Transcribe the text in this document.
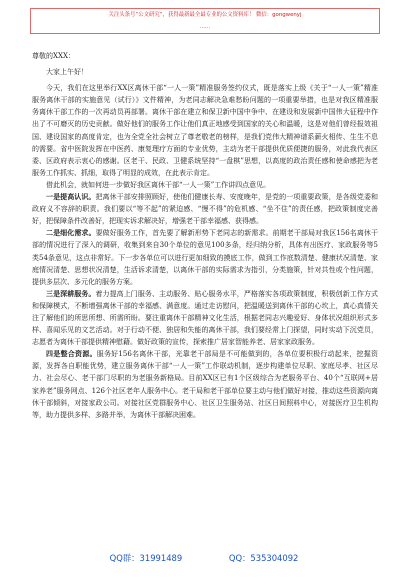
关注头条号“公文研究”，获得最新最全最专业的公文资料库！ 微信：gongwenyj
……

尊敬的XXX：

大家上午好！

今天，我们在这里举行XX区离休干部“一人一策”精准服务签约仪式，既是落实上级《关于“一人一策”精准服务离休干部的实施意见（试行）》文件精神，为老同志解决急难愁盼问题的一项重要举措，也是对我区精准服务离休干部工作的一次再动员再部署。离休干部在建立和保卫新中国中争中、在建设和发展新中国伟大征程中作出了不可磨灭的历史贡献。做好他们的服务工作让他们真正地感受到国家的关心和温暖，这是对他们曾经报效祖国、建设国家的高度肯定，也为全党全社会树立了尊老敬老的榜样，是我们党伟大精神谱系薪火相传、生生不息的需要。省中医院发挥在中医药、康复理疗方面的专业优势，主动为老干部提供优质便捷的服务，对此我代表区委、区政府表示衷心的感谢。区老干、民政、卫健系统坚持“一盘棋”思想，以高度的政治责任感和使命感把为老服务工作抓实、抓细，取得了明显的成效，在此表示肯定。

借此机会，就如何进一步做好我区离休干部“一人一策”工作讲四点意见。

一是提高认识。把离休干部安排照顾好，使他们健康长寿、安度晚年，是党的一项重要政策，是各级党委和政府义不容辞的职责。我们要以“等不起”的紧迫感、“慢不得”的危机感、“坐不住”的责任感，把政策制度完善好，把保障条件改善好，把现实诉求解决好，增强老干部幸福感、获得感。

二是细化需求。要做好服务工作，首先要了解新形势下老同志的新需求。前期老干部局对我区156名离休干部的情况进行了深入的调研，收集到来自30个单位的意见100多条，经归纳分析，具体有出医疗、家政服务等5类54条意见，这点非常好。下一步各单位可以进行更加细致的摸底工作，做到工作底数清楚、健康状况清楚、家庭情况清楚、思想状况清楚，生活诉求清楚，以离休干部的实际需求为指引，分类施策，针对共性或个性问题，提供多层次、多元化的服务方案。

三是深耕服务。着力提高上门服务、主动服务、贴心服务水平，严格落实各项政策制度，积极创新工作方式和保障模式，不断增强离休干部的幸福感、满意度。通过走访慰问，把温暖送到离休干部的心坎上，真心真情关注了解他们的所思所想、所需所盼。要注重离休干部精神文化生活，根据老同志兴趣爱好、身体状况组织形式多样、喜闻乐见的文艺活动。对于行动不便、独居和失能的离休干部，我们要经常上门探望，同时实动下沉党员，志愿者为离休干部提供精神慰藉。做好政策的宣传，探索推广居家智能养老、居家家政服务。

四是整合资源。服务好156名离休干部，光靠老干部局是不可能做到的，各单位要积极行动起来，挖掘资源，发挥各自职能优势，建立服务离休干部“一人一策”工作联动机制，逐步构建单位尽职、家庭尽孝、社区尽力、社会尽心、老干部门尽职的为老服务新格局。目前XX区已有1个区级综合为老服务平台、40个“互联网+居家养老”服务网点、126个社区老年人服务中心。老干局和老干部单位要主动与他们做好对接，推动这些资源向离休干部倾斜，对接家政公司。对接社区党群服务中心、社区卫生服务站、社区日间照料中心，对接医疗卫生机构等，助力提供多样、多路并举，为离休干部解决困难。

QQ群：31991489	QQ：535304092
